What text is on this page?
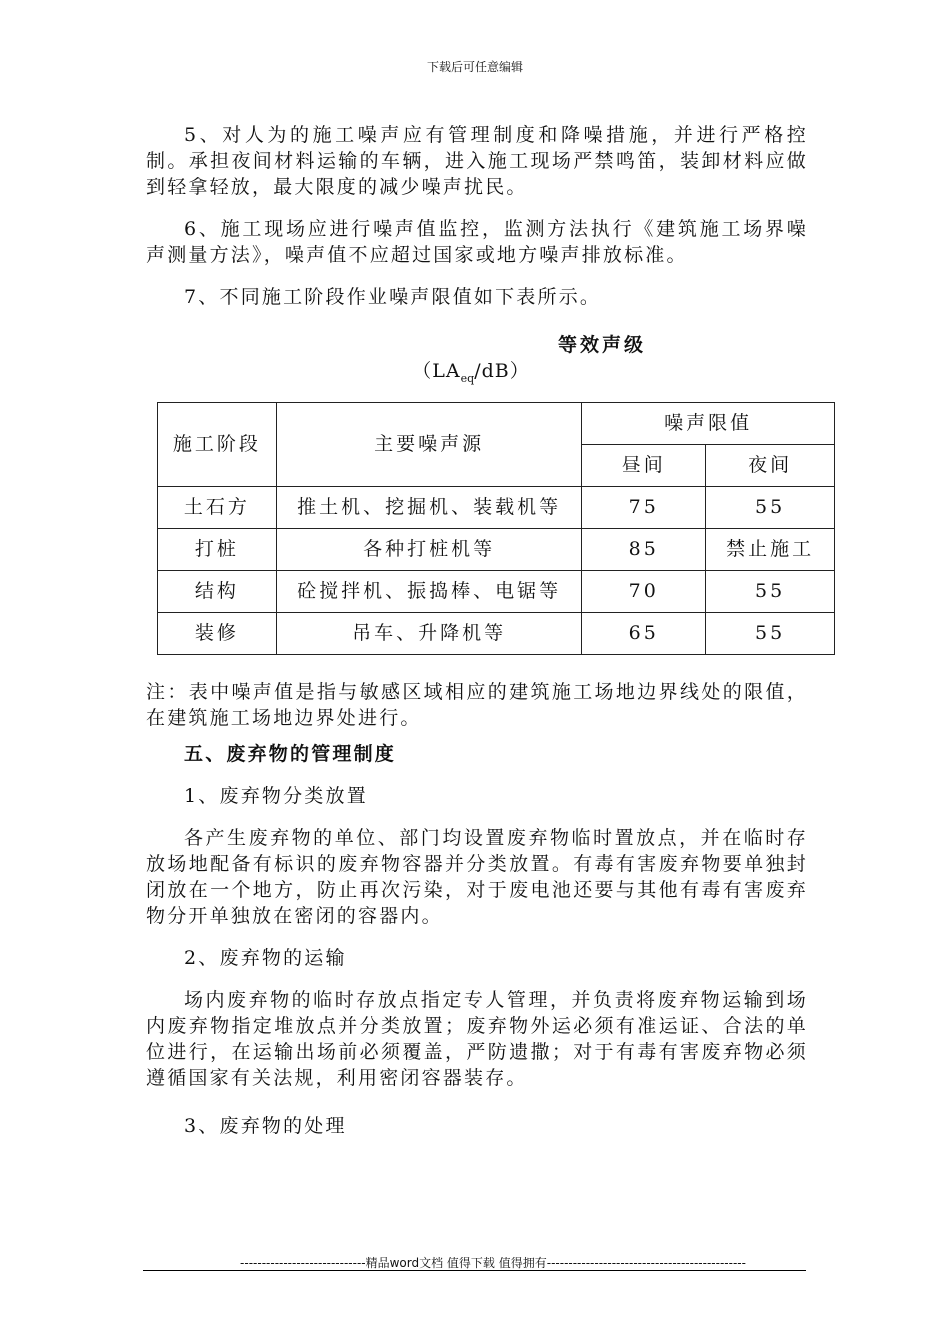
下载后可任意编辑

5、对人为的施工噪声应有管理制度和降噪措施，并进行严格控制。承担夜间材料运输的车辆，进入施工现场严禁鸣笛，装卸材料应做到轻拿轻放，最大限度的减少噪声扰民。

6、施工现场应进行噪声值监控，监测方法执行《建筑施工场界噪声测量方法》，噪声值不应超过国家或地方噪声排放标准。

7、不同施工阶段作业噪声限值如下表所示。

等效声级

$(LA_{eq}/dB)$

施工阶段	主要噪声源	噪声限值	
		昼间	夜间
土石方	推土机、挖掘机、装载机等	75	55
打桩	各种打桩机等	85	禁止施工
结构	砼搅拌机、振捣棒、电锯等	70	55
装修	吊车、升降机等	65	55

注：表中噪声值是指与敏感区域相应的建筑施工场地边界线处的限值，在建筑施工场地边界处进行。

五、废弃物的管理制度

1、废弃物分类放置

各产生废弃物的单位、部门均设置废弃物临时置放点，并在临时存放场地配备有标识的废弃物容器并分类放置。有毒有害废弃物要单独封闭放在一个地方，防止再次污染，对于废电池还要与其他有毒有害废弃物分开单独放在密闭的容器内。

2、废弃物的运输

场内废弃物的临时存放点指定专人管理，并负责将废弃物运输到场内废弃物指定堆放点并分类放置；废弃物外运必须有准运证、合法的单位进行，在运输出场前必须覆盖，严防遗撒；对于有毒有害废弃物必须遵循国家有关法规，利用密闭容器装存。

3、废弃物的处理

-----------------------------精品word文档 值得下载 值得拥有----------------------------------------------
